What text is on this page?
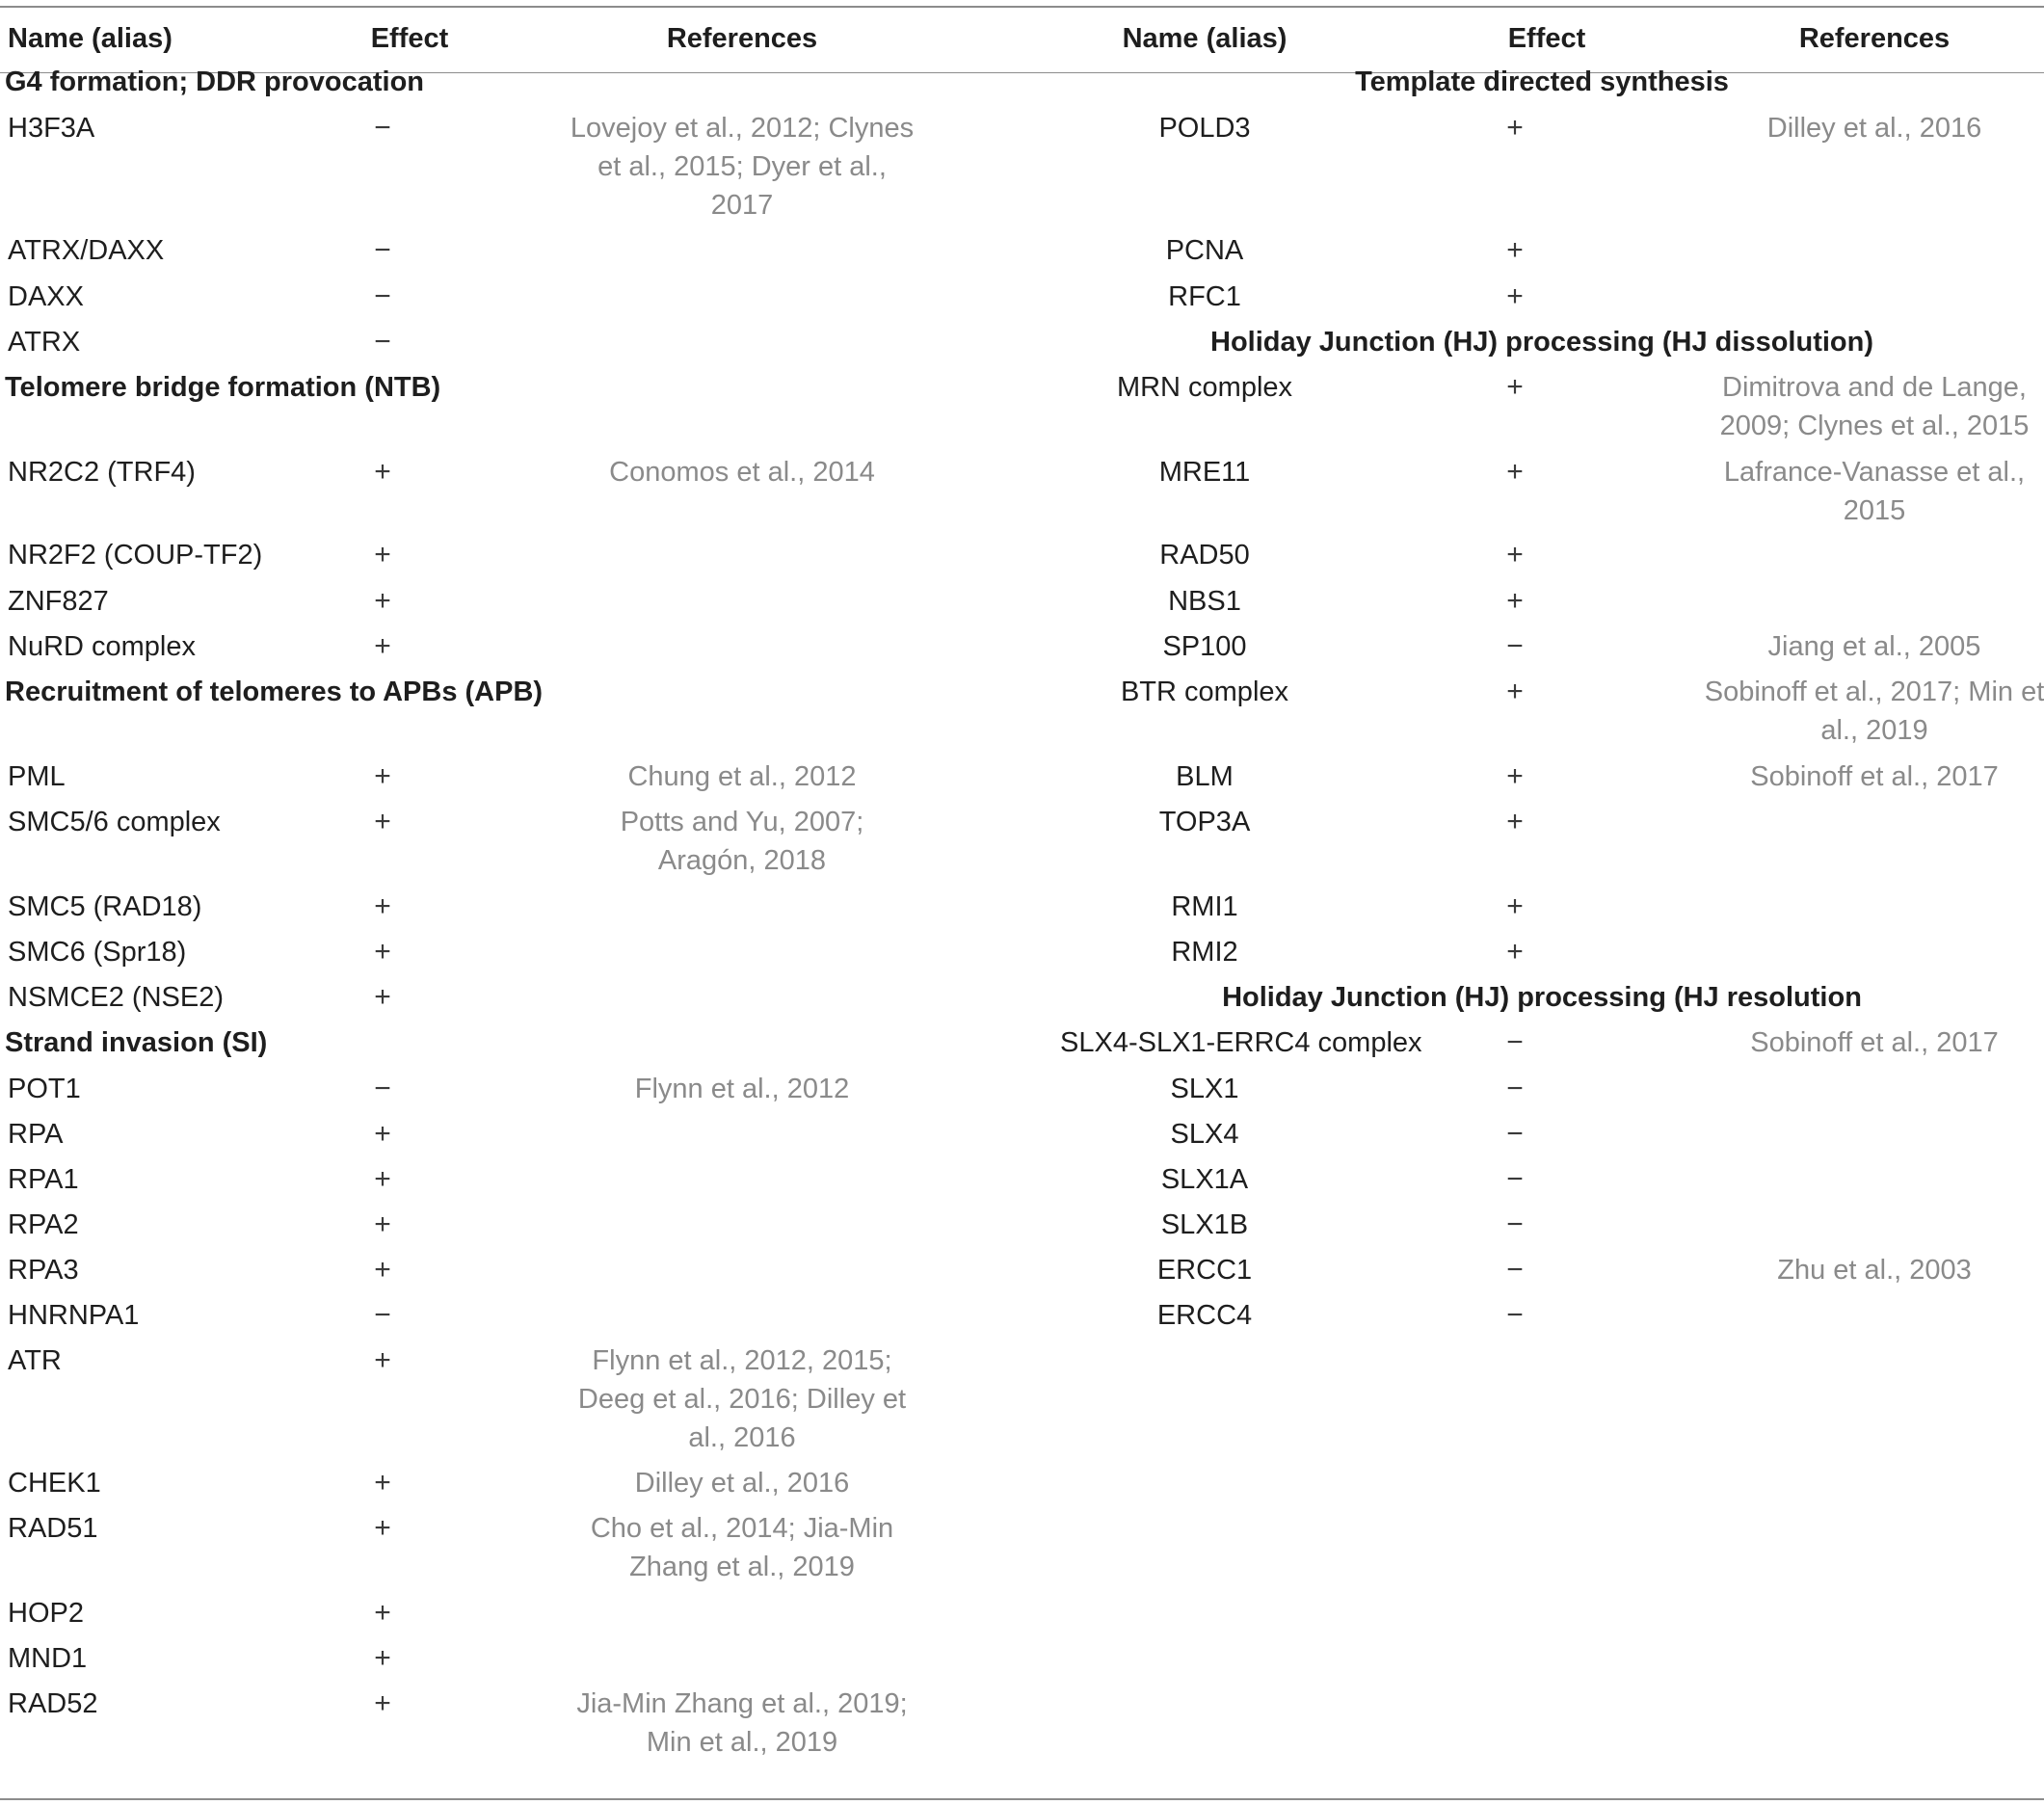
Name (alias)	Effect	References	Name (alias)	Effect	References
G4 formation; DDR provocation
H3F3A	−	Lovejoy et al., 2012; Clynes et al., 2015; Dyer et al., 2017
ATRX/DAXX	−
DAXX	−
ATRX	−
Telomere bridge formation (NTB)
NR2C2 (TRF4)	+	Conomos et al., 2014
NR2F2 (COUP-TF2)	+
ZNF827	+
NuRD complex	+
Recruitment of telomeres to APBs (APB)
PML	+	Chung et al., 2012
SMC5/6 complex	+	Potts and Yu, 2007; Aragón, 2018
SMC5 (RAD18)	+
SMC6 (Spr18)	+
NSMCE2 (NSE2)	+
Strand invasion (SI)
POT1	−	Flynn et al., 2012
RPA	+
RPA1	+
RPA2	+
RPA3	+
HNRNPA1	−
ATR	+	Flynn et al., 2012, 2015; Deeg et al., 2016; Dilley et al., 2016
CHEK1	+	Dilley et al., 2016
RAD51	+	Cho et al., 2014; Jia-Min Zhang et al., 2019
HOP2	+
MND1	+
RAD52	+	Jia-Min Zhang et al., 2019; Min et al., 2019
Template directed synthesis
POLD3	+	Dilley et al., 2016
PCNA	+
RFC1	+
Holiday Junction (HJ) processing (HJ dissolution)
MRN complex	+	Dimitrova and de Lange, 2009; Clynes et al., 2015
MRE11	+	Lafrance-Vanasse et al., 2015
RAD50	+
NBS1	+
SP100	−	Jiang et al., 2005
BTR complex	+	Sobinoff et al., 2017; Min et al., 2019
BLM	+	Sobinoff et al., 2017
TOP3A	+
RMI1	+
RMI2	+
Holiday Junction (HJ) processing (HJ resolution
SLX4-SLX1-ERRC4 complex	−	Sobinoff et al., 2017
SLX1	−
SLX4	−
SLX1A	−
SLX1B	−
ERCC1	−	Zhu et al., 2003
ERCC4	−
